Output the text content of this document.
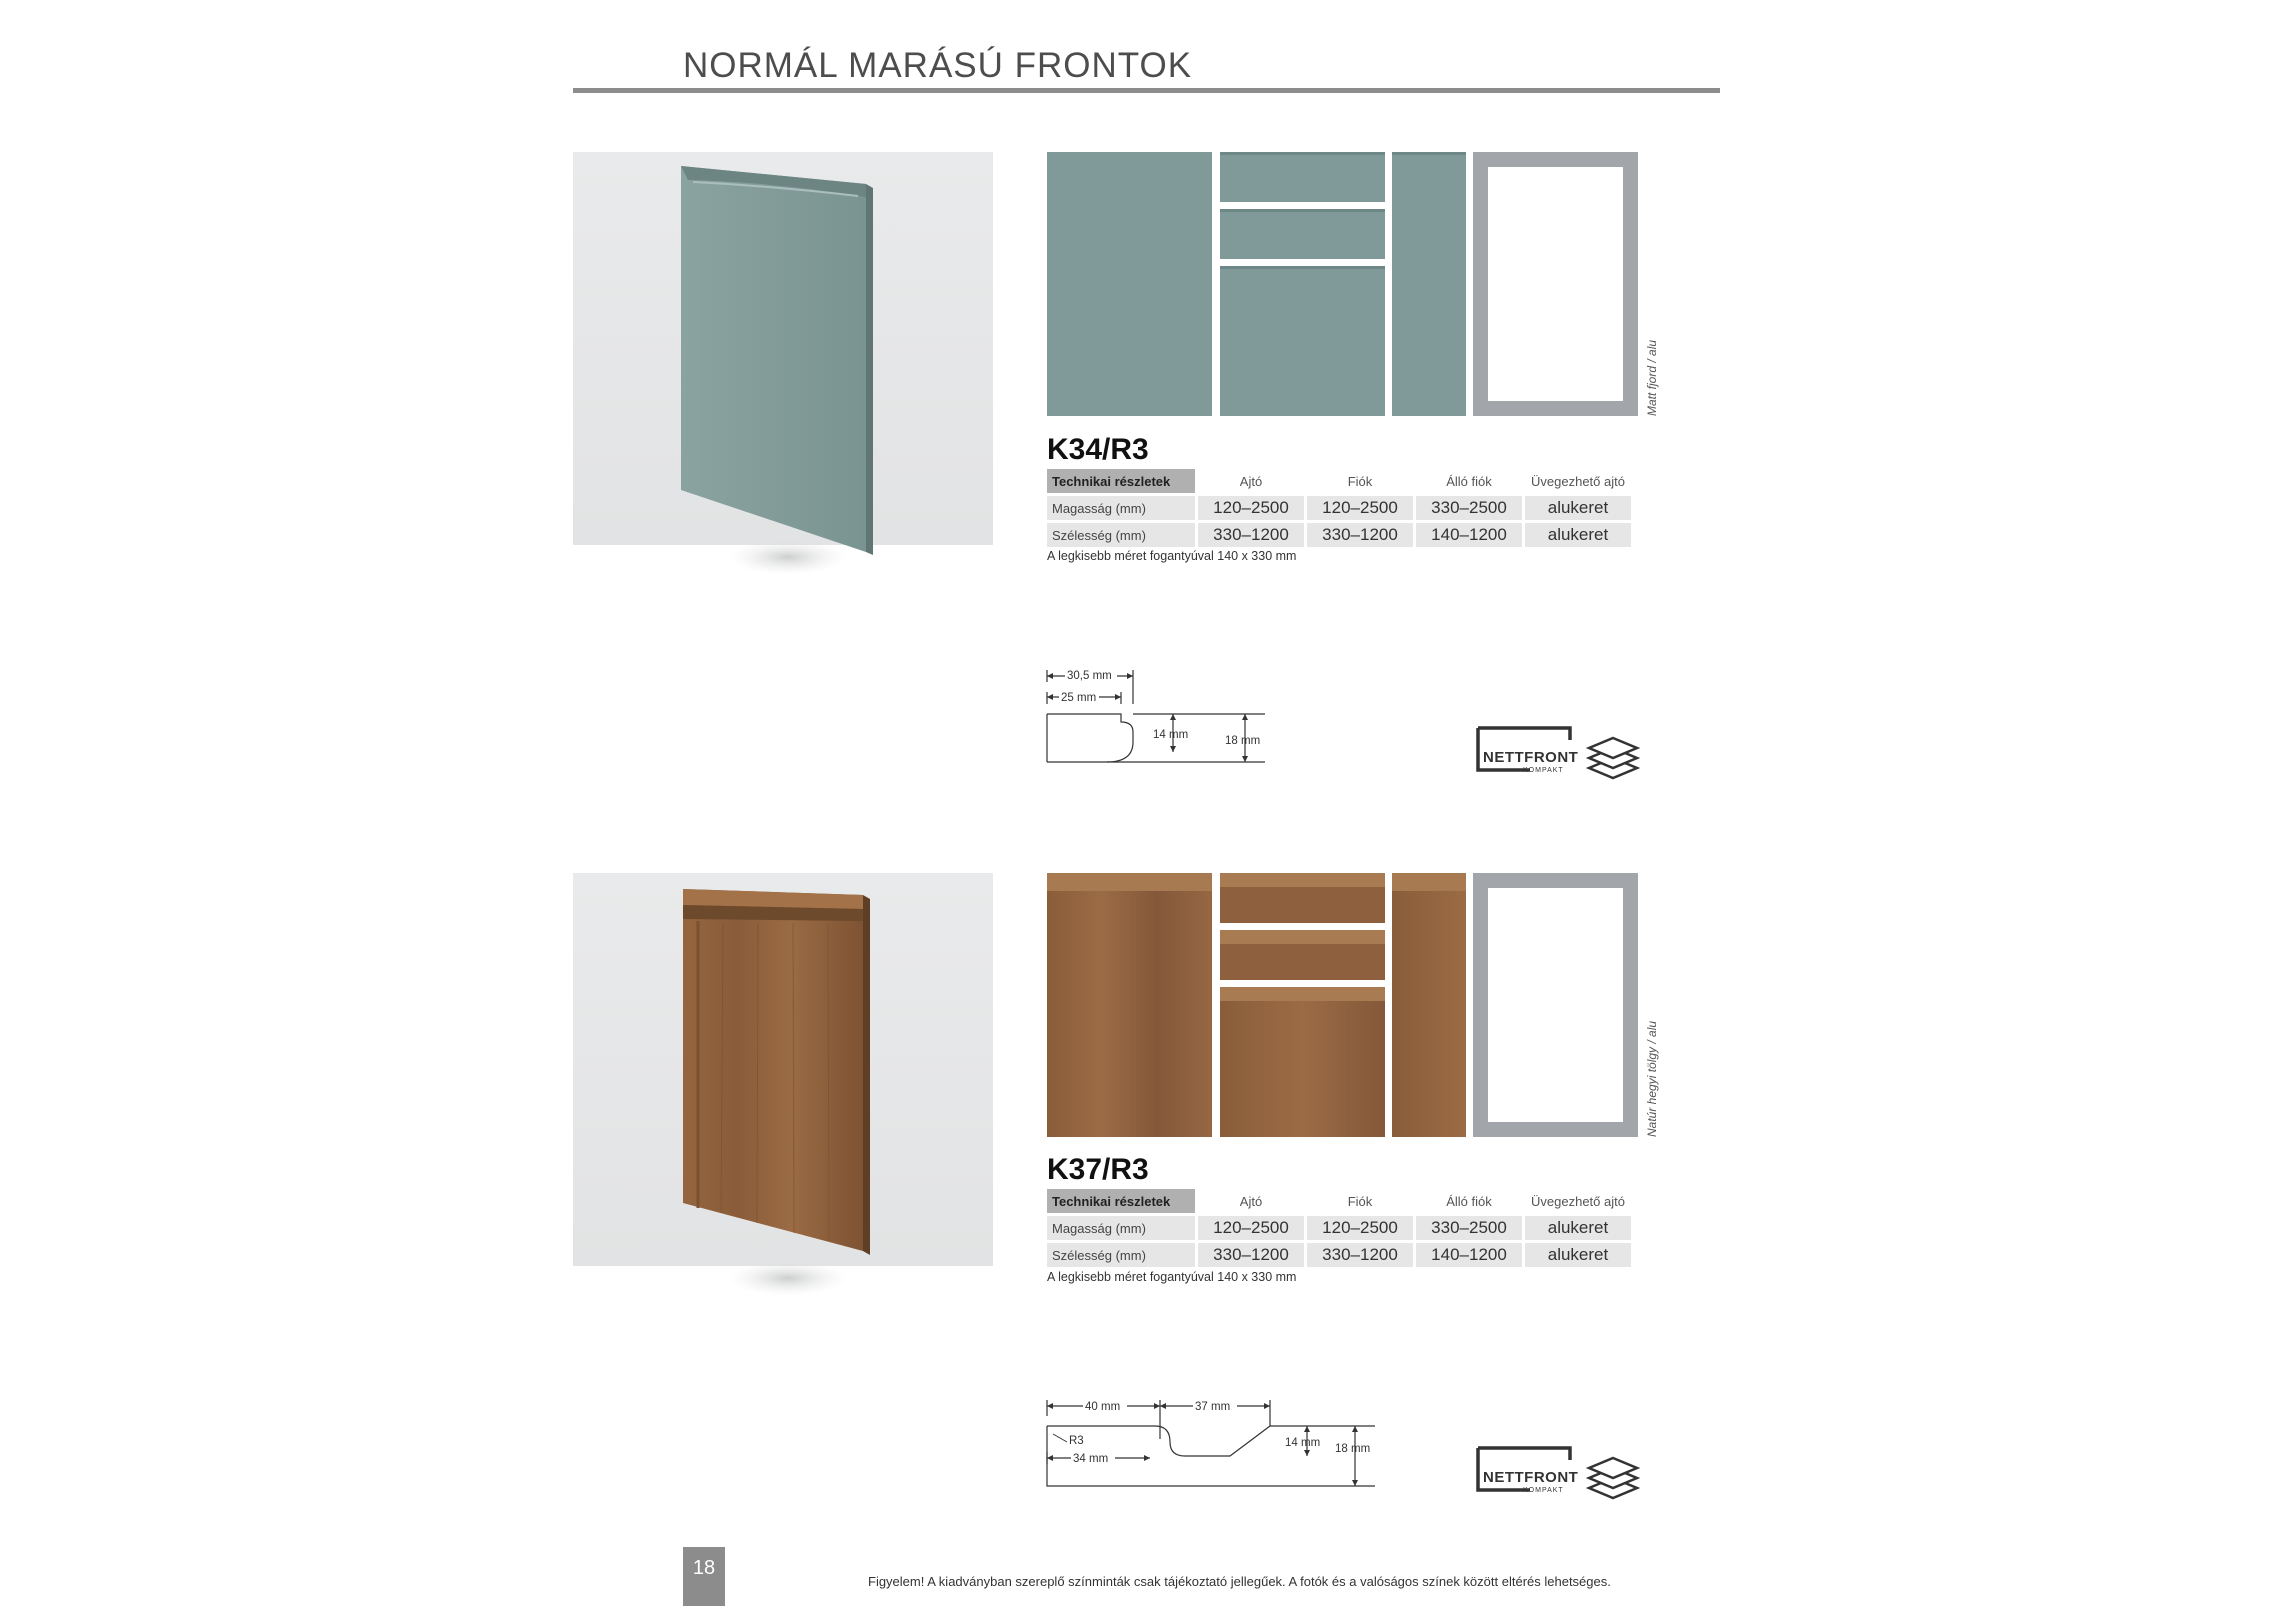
NORMÁL MARÁSÚ FRONTOK
Matt fjord / alu
K34/R3
Technikai részletek	Ajtó	Fiók	Álló fiók	Üvegezhető ajtó
Magasság (mm)	120–2500	120–2500	330–2500	alukeret
Szélesség (mm)	330–1200	330–1200	140–1200	alukeret
A legkisebb méret fogantyúval 140 x 330 mm
30,5 mm
25 mm
14 mm	18 mm
NETTFRONT
KOMPAKT
Natúr hegyi tölgy / alu
K37/R3
Technikai részletek	Ajtó	Fiók	Álló fiók	Üvegezhető ajtó
Magasság (mm)	120–2500	120–2500	330–2500	alukeret
Szélesség (mm)	330–1200	330–1200	140–1200	alukeret
A legkisebb méret fogantyúval 140 x 330 mm
40 mm	37 mm
R3
34 mm
14 mm 18 mm
NETTFRONT
KOMPAKT
18
Figyelem! A kiadványban szereplő színminták csak tájékoztató jellegűek. A fotók és a valóságos színek között eltérés lehetséges.
